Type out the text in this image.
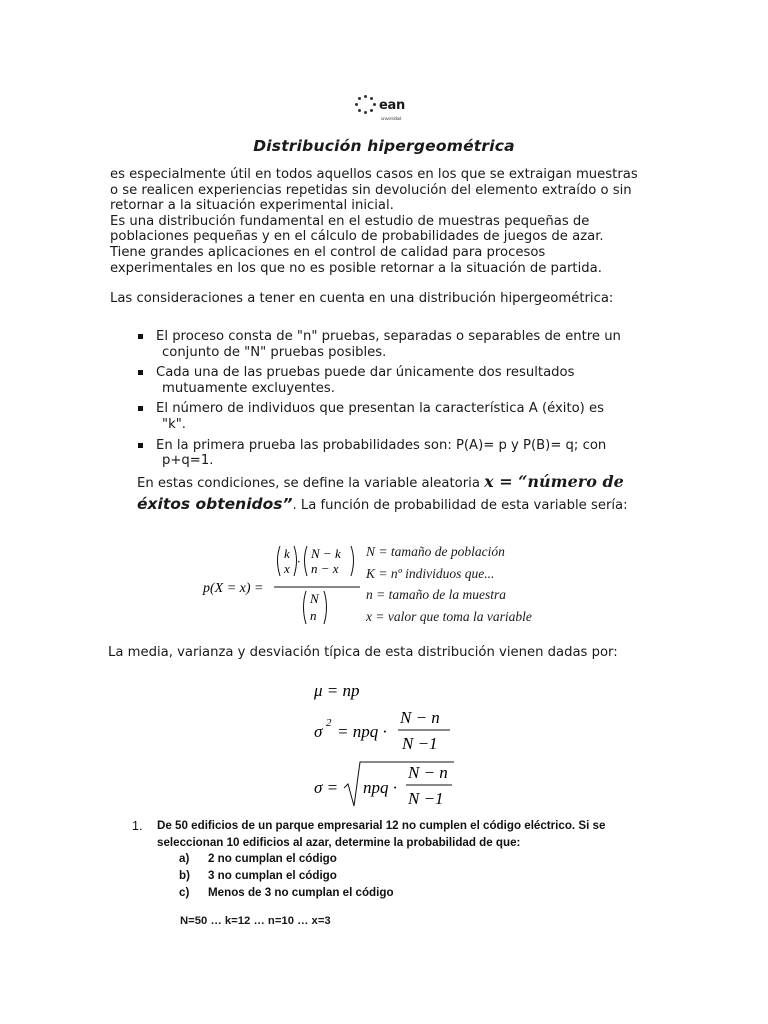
ean
universidad
Distribución hipergeométrica

es especialmente útil en todos aquellos casos en los que se extraigan muestras

o se realicen experiencias repetidas sin devolución del elemento extraído o sin

retornar a la situación experimental inicial.

Es una distribución fundamental en el estudio de muestras pequeñas de

poblaciones pequeñas y en el cálculo de probabilidades de juegos de azar.

Tiene grandes aplicaciones en el control de calidad para procesos

experimentales en los que no es posible retornar a la situación de partida.

Las consideraciones a tener en cuenta en una distribución hipergeométrica:
El proceso consta de "n" pruebas, separadas o separables de entre un
conjunto de "N" pruebas posibles.
Cada una de las pruebas puede dar únicamente dos resultados
mutuamente excluyentes.
El número de individuos que presentan la característica A (éxito) es
"k".
En la primera prueba las probabilidades son: P(A)= p y P(B)= q; con
p+q=1.
En estas condiciones, se define la variable aleatoria x = “número de
éxitos obtenidos”. La función de probabilidad de esta variable sería:
p(X = x) =
k
x ·
N − k
n − x
N
n
N = tamaño de población
K = nº individuos que...
n = tamaño de la muestra
x = valor que toma la variable
La media, varianza y desviación típica de esta distribución vienen dadas por:
μ = np
σ 2 = npq ·
N − n
N −1
σ = npq ·
N − n
N −1
1. De 50 edificios de un parque empresarial 12 no cumplen el código eléctrico. Si se
seleccionan 10 edificios al azar, determine la probabilidad de que:
a) 2 no cumplan el código
b) 3 no cumplan el código
c) Menos de 3 no cumplan el código
N=50 … k=12 … n=10 … x=3
